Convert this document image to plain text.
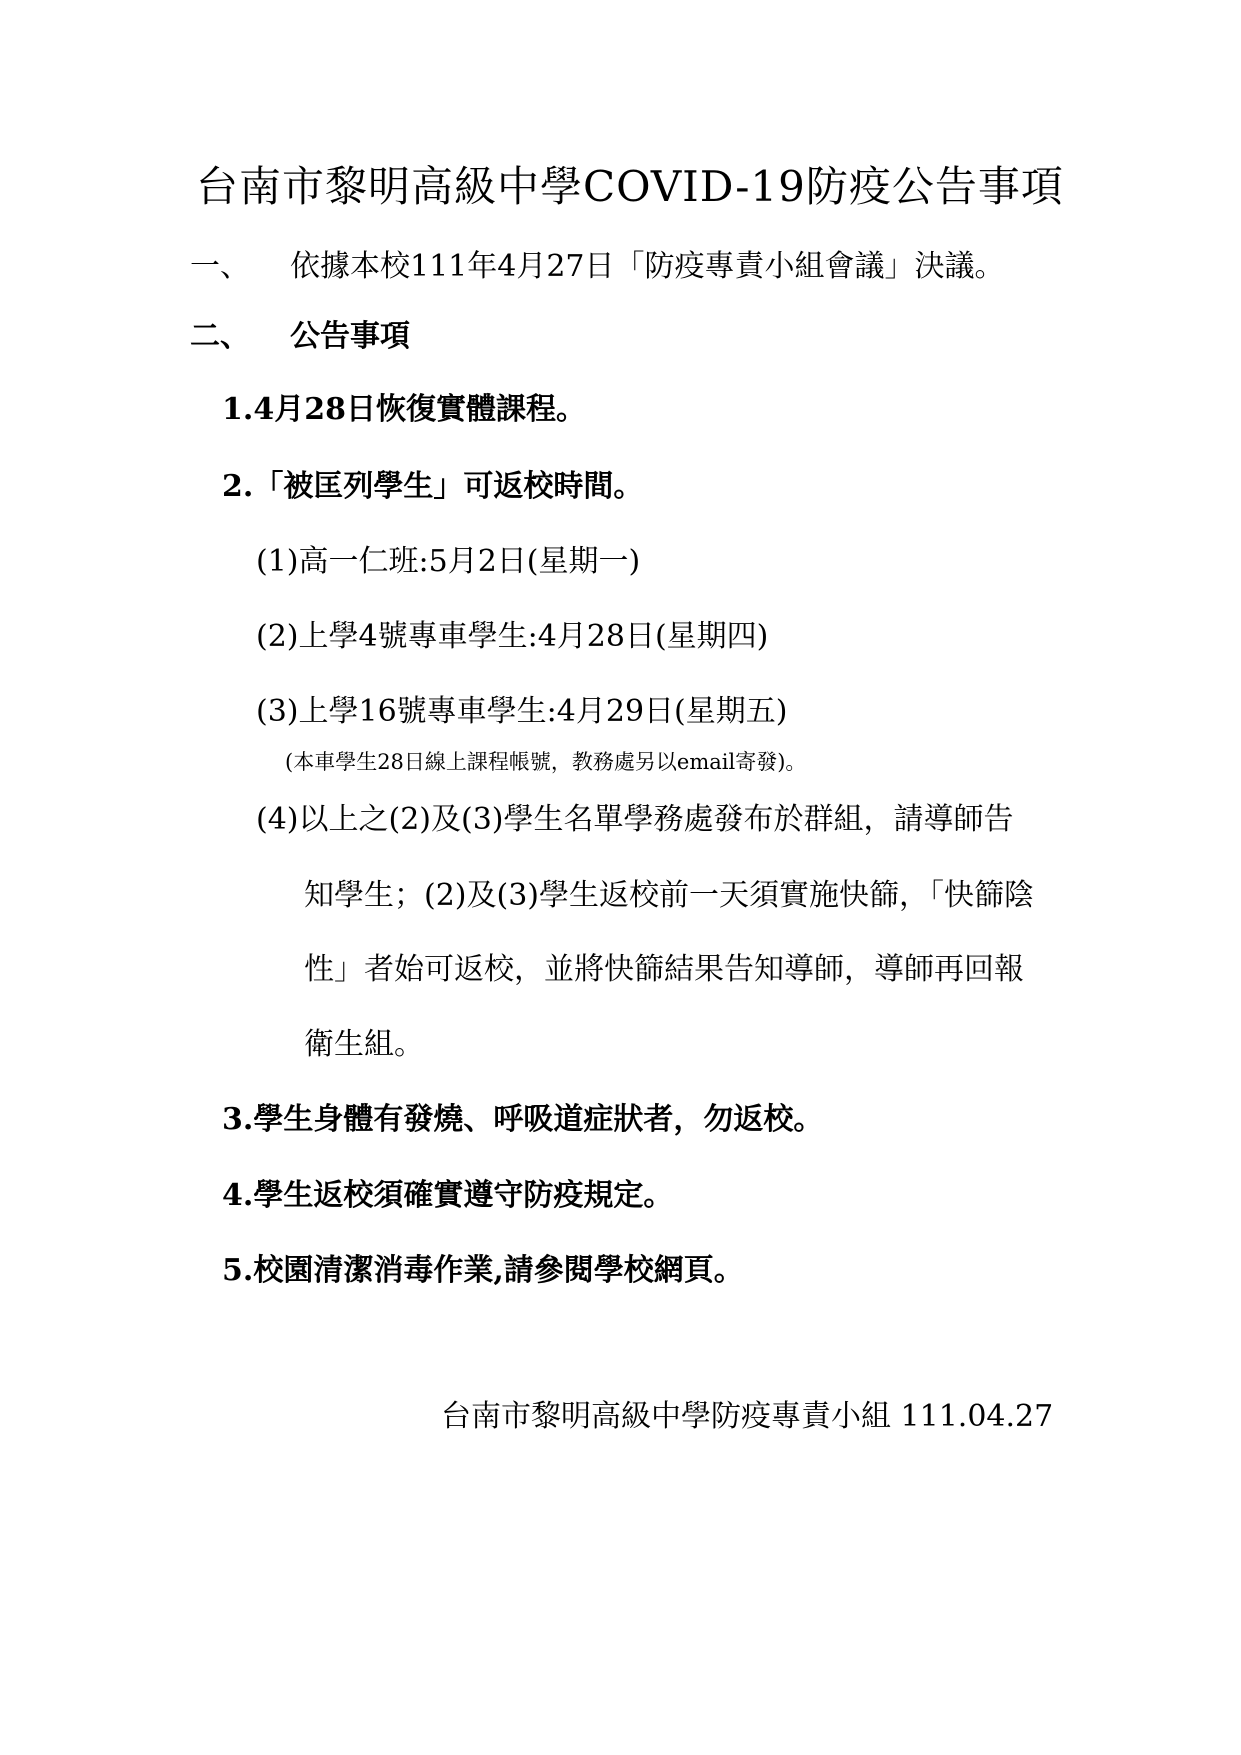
台南市黎明高級中學COVID-19防疫公告事項
一、 依據本校111年4月27日「防疫專責小組會議」決議。
二、 公告事項
1.4月28日恢復實體課程。
2.「被匡列學生」可返校時間。
(1)高一仁班:5月2日(星期一)
(2)上學4號專車學生:4月28日(星期四)
(3)上學16號專車學生:4月29日(星期五)
(本車學生28日線上課程帳號，教務處另以email寄發)。
(4)以上之(2)及(3)學生名單學務處發布於群組，請導師告
知學生；(2)及(3)學生返校前一天須實施快篩，「快篩陰
性」者始可返校，並將快篩結果告知導師，導師再回報
衛生組。
3.學生身體有發燒、呼吸道症狀者，勿返校。
4.學生返校須確實遵守防疫規定。
5.校園清潔消毒作業,請參閱學校網頁。
台南市黎明高級中學防疫專責小組 111.04.27
